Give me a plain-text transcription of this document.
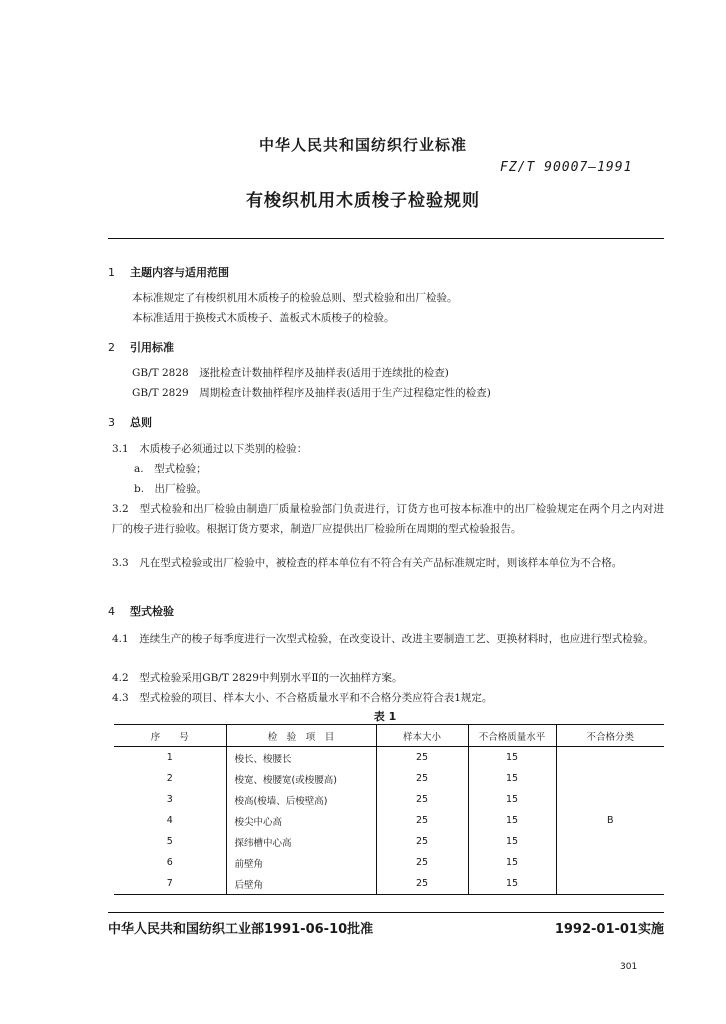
中华人民共和国纺织行业标准
FZ/T 90007—1991
有梭织机用木质梭子检验规则
1 主题内容与适用范围
本标准规定了有梭织机用木质梭子的检验总则、型式检验和出厂检验。
本标准适用于换梭式木质梭子、盖板式木质梭子的检验。
2 引用标准
GB/T 2828　逐批检查计数抽样程序及抽样表(适用于连续批的检查)
GB/T 2829　周期检查计数抽样程序及抽样表(适用于生产过程稳定性的检查)
3 总则
3.1　木质梭子必须通过以下类别的检验：
a.　型式检验；
b.　出厂检验。
3.2　型式检验和出厂检验由制造厂质量检验部门负责进行，订货方也可按本标准中的出厂检验规定在两个月之内对进厂的梭子进行验收。根据订货方要求，制造厂应提供出厂检验所在周期的型式检验报告。
3.3　凡在型式检验或出厂检验中，被检查的样本单位有不符合有关产品标准规定时，则该样本单位为不合格。
4 型式检验
4.1　连续生产的梭子每季度进行一次型式检验，在改变设计、改进主要制造工艺、更换材料时，也应进行型式检验。
4.2　型式检验采用GB/T 2829中判别水平Ⅱ的一次抽样方案。
4.3　型式检验的项目、样本大小、不合格质量水平和不合格分类应符合表1规定。
表 1
序　　号	检　验　项　目	样本大小	不合格质量水平	不合格分类
1	梭长、梭腰长	25	15	B
2	梭宽、梭腰宽(或梭腰高)	25	15	
3	梭高(梭墙、后梭壁高)	25	15	
4	梭尖中心高	25	15	
5	探纬槽中心高	25	15	
6	前壁角	25	15	
7	后壁角	25	15	
中华人民共和国纺织工业部1991-06-10批准	1992-01-01实施
301
